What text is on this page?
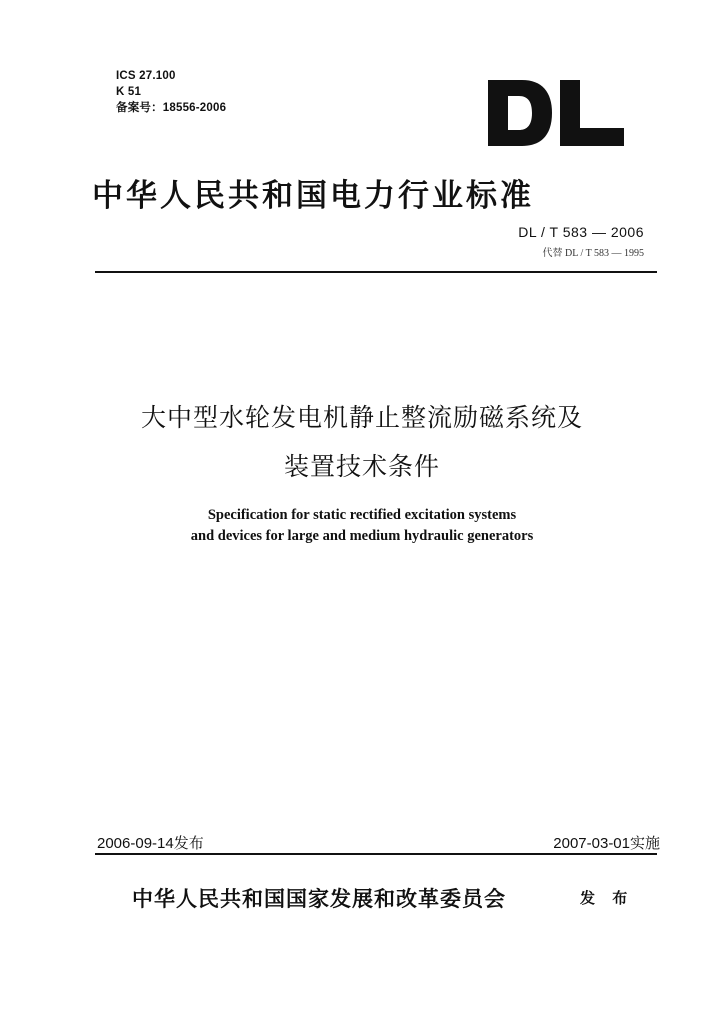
ICS 27.100
K 51
备案号：18556-2006
中华人民共和国电力行业标准
DL / T 583 — 2006
代替 DL / T 583 — 1995
大中型水轮发电机静止整流励磁系统及
装置技术条件
Specification for static rectified excitation systems
and devices for large and medium hydraulic generators
2006-09-14发布	2007-03-01实施
中华人民共和国国家发展和改革委员会	发 布
